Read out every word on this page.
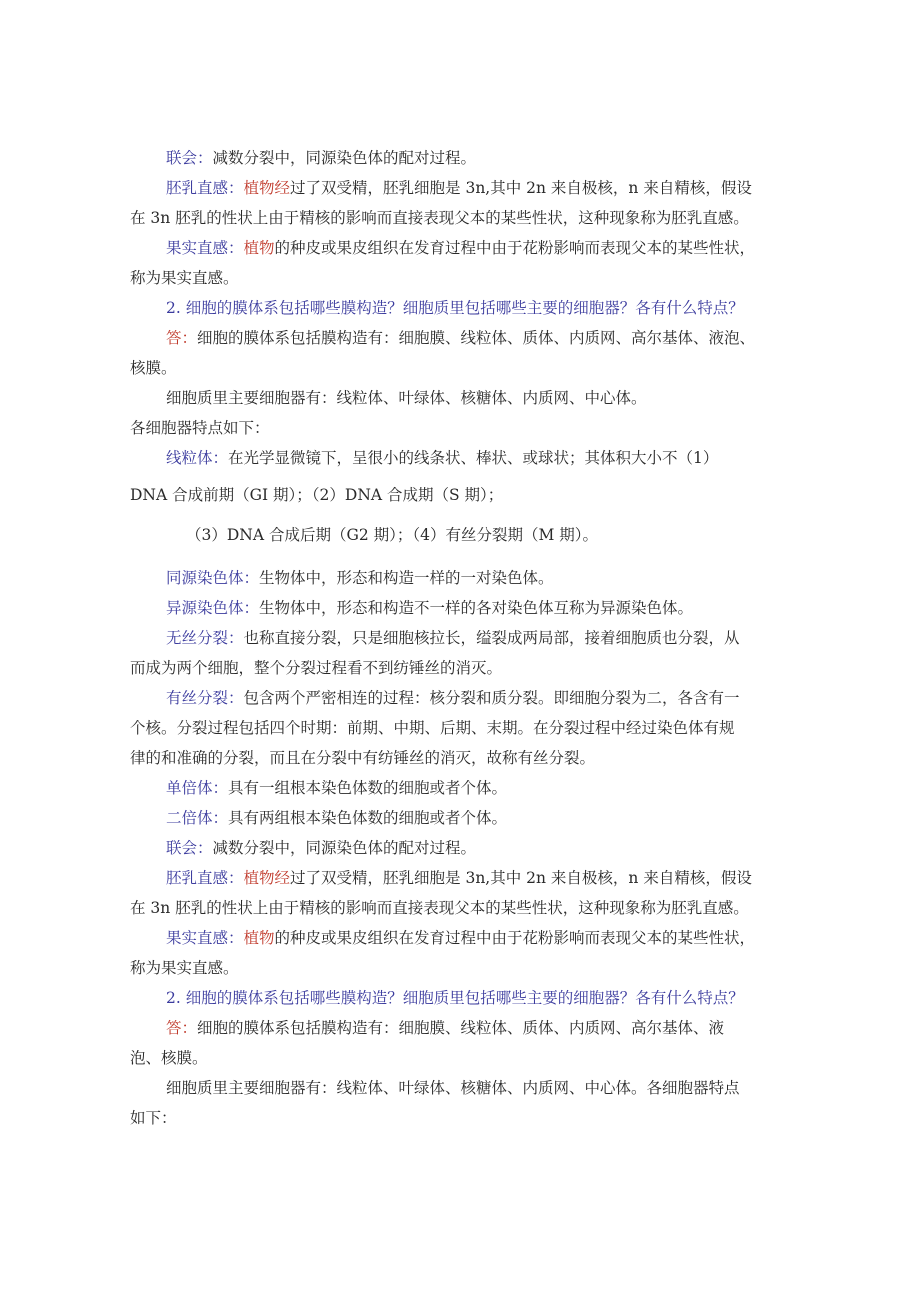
联会：减数分裂中，同源染色体的配对过程。
胚乳直感：植物经过了双受精，胚乳细胞是 3n,其中 2n 来自极核，n 来自精核，假设
在 3n 胚乳的性状上由于精核的影响而直接表现父本的某些性状，这种现象称为胚乳直感。
果实直感：植物的种皮或果皮组织在发育过程中由于花粉影响而表现父本的某些性状，
称为果实直感。
2. 细胞的膜体系包括哪些膜构造？细胞质里包括哪些主要的细胞器？各有什么特点？
答：细胞的膜体系包括膜构造有：细胞膜、线粒体、质体、内质网、高尔基体、液泡、
核膜。
细胞质里主要细胞器有：线粒体、叶绿体、核糖体、内质网、中心体。
各细胞器特点如下：
线粒体：在光学显微镜下，呈很小的线条状、棒状、或球状；其体积大小不（1）
DNA 合成前期（GI 期）；（2）DNA 合成期（S 期）；
（3）DNA 合成后期（G2 期）；（4）有丝分裂期（M 期）。
同源染色体：生物体中，形态和构造一样的一对染色体。
异源染色体：生物体中，形态和构造不一样的各对染色体互称为异源染色体。
无丝分裂：也称直接分裂，只是细胞核拉长，缢裂成两局部，接着细胞质也分裂，从
而成为两个细胞，整个分裂过程看不到纺锤丝的消灭。
有丝分裂：包含两个严密相连的过程：核分裂和质分裂。即细胞分裂为二，各含有一
个核。分裂过程包括四个时期：前期、中期、后期、末期。在分裂过程中经过染色体有规
律的和准确的分裂，而且在分裂中有纺锤丝的消灭，故称有丝分裂。
单倍体：具有一组根本染色体数的细胞或者个体。
二倍体：具有两组根本染色体数的细胞或者个体。
联会：减数分裂中，同源染色体的配对过程。
胚乳直感：植物经过了双受精，胚乳细胞是 3n,其中 2n 来自极核，n 来自精核，假设
在 3n 胚乳的性状上由于精核的影响而直接表现父本的某些性状，这种现象称为胚乳直感。
果实直感：植物的种皮或果皮组织在发育过程中由于花粉影响而表现父本的某些性状，
称为果实直感。
2. 细胞的膜体系包括哪些膜构造？细胞质里包括哪些主要的细胞器？各有什么特点？
答：细胞的膜体系包括膜构造有：细胞膜、线粒体、质体、内质网、高尔基体、液
泡、核膜。
细胞质里主要细胞器有：线粒体、叶绿体、核糖体、内质网、中心体。各细胞器特点
如下：
